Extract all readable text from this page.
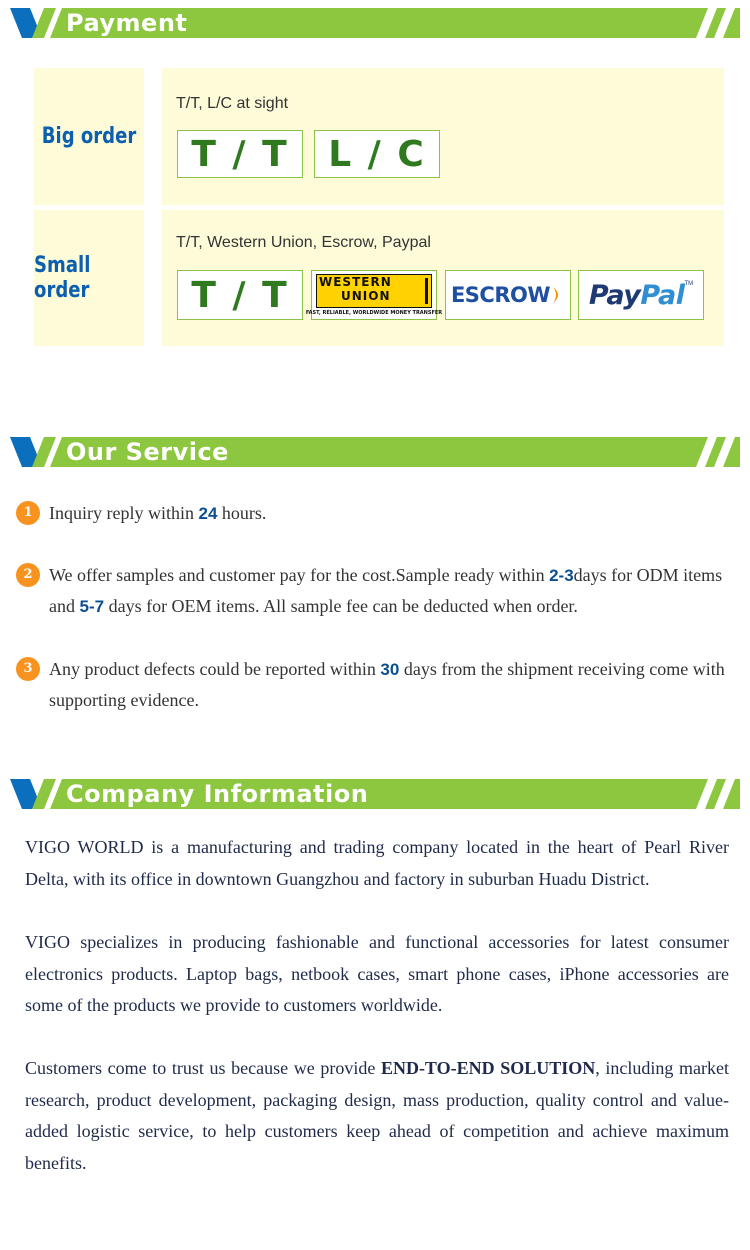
Payment
Big order
T/T, L/C at sight
T / T L / C
Small order
T/T, Western Union, Escrow, Paypal
T / T	WESTERN
UNION
FAST, RELIABLE, WORLDWIDE MONEY TRANSFER
ESCROW Pay Pal™
Our Service
1 Inquiry reply within 24 hours.
2 We offer samples and customer pay for the cost.Sample ready within 2-3days for ODM items and 5-7 days for OEM items. All sample fee can be deducted when order.
3 Any product defects could be reported within 30 days from the shipment receiving come with supporting evidence.
Company Information
VIGO WORLD is a manufacturing and trading company located in the heart of Pearl River Delta, with its office in downtown Guangzhou and factory in suburban Huadu District.
VIGO specializes in producing fashionable and functional accessories for latest consumer electronics products. Laptop bags, netbook cases, smart phone cases, iPhone accessories are some of the products we provide to customers worldwide.
Customers come to trust us because we provide END-TO-END SOLUTION, including market research, product development, packaging design, mass production, quality control and value-added logistic service, to help customers keep ahead of competition and achieve maximum benefits.
